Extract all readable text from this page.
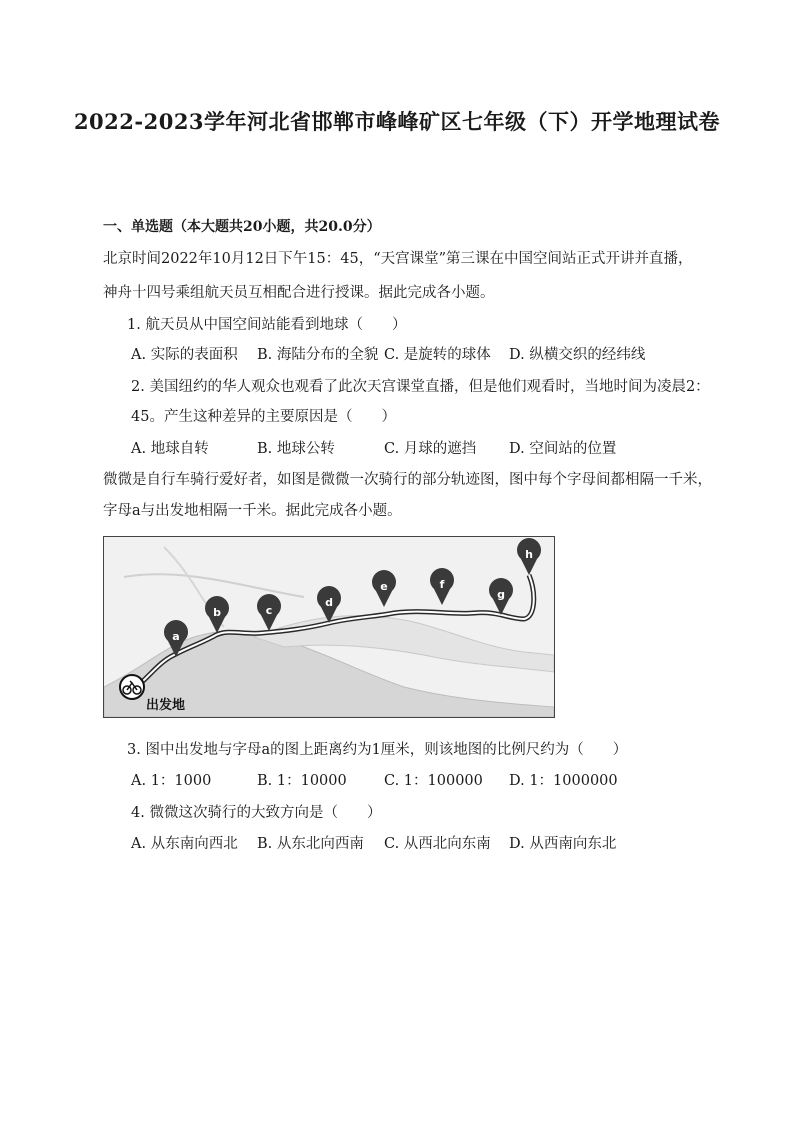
2022-2023学年河北省邯郸市峰峰矿区七年级（下）开学地理试卷
一、单选题（本大题共20小题，共20.0分）
北京时间2022年10月12日下午15：45，“天宫课堂”第三课在中国空间站正式开讲并直播，
神舟十四号乘组航天员互相配合进行授课。据此完成各小题。
1. 航天员从中国空间站能看到地球（　　）
A. 实际的表面积 B. 海陆分布的全貌 C. 是旋转的球体 D. 纵横交织的经纬线
2. 美国纽约的华人观众也观看了此次天宫课堂直播，但是他们观看时，当地时间为凌晨2：
45。产生这种差异的主要原因是（　　）
A. 地球自转	B. 地球公转	C. 月球的遮挡 D. 空间站的位置
微微是自行车骑行爱好者，如图是微微一次骑行的部分轨迹图，图中每个字母间都相隔一千米，
字母a与出发地相隔一千米。据此完成各小题。
出发地
a
b	c
d
e	f
g
h
3. 图中出发地与字母a的图上距离约为1厘米，则该地图的比例尺约为（　　）
A. 1：1000	B. 1：10000	C. 1：100000 D. 1：1000000
4. 微微这次骑行的大致方向是（　　）
A. 从东南向西北 B. 从东北向西南 C. 从西北向东南 D. 从西南向东北
